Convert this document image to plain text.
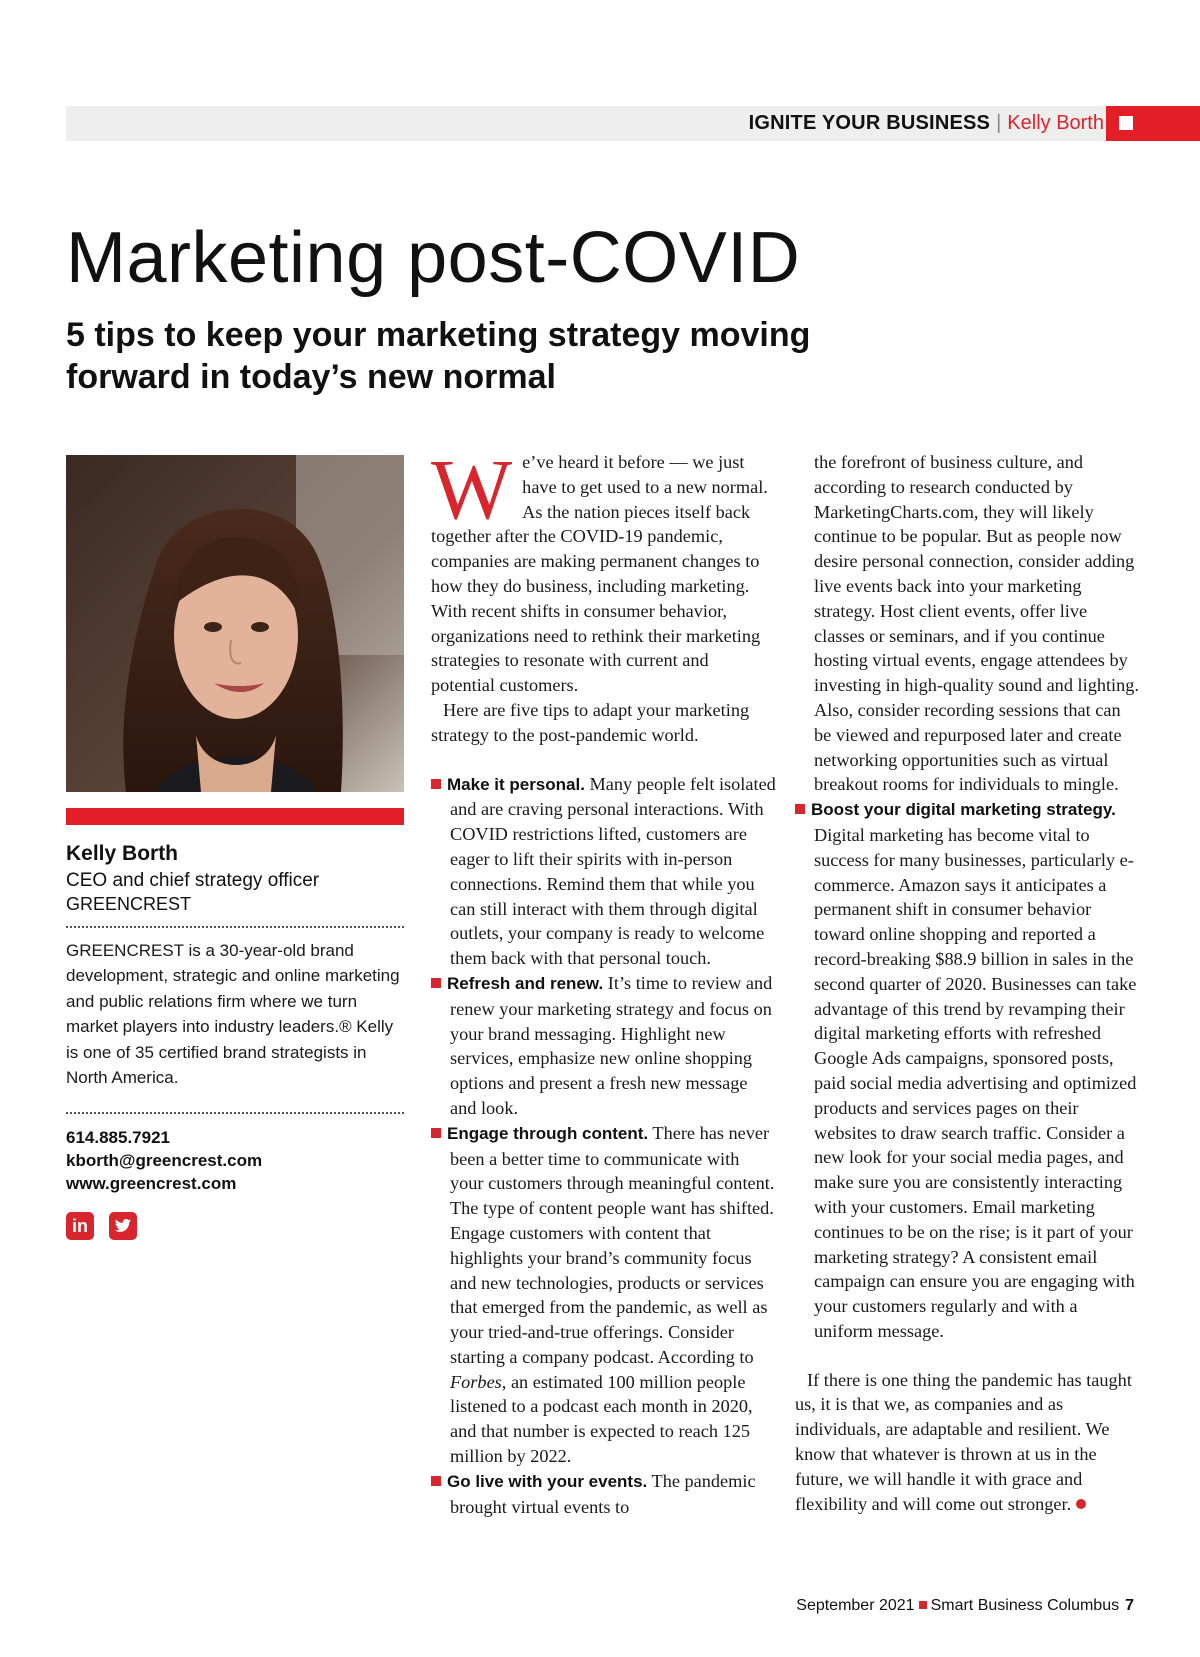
IGNITE YOUR BUSINESS | Kelly Borth
Marketing post-COVID
5 tips to keep your marketing strategy moving forward in today’s new normal
Kelly Borth
CEO and chief strategy officer
GREENCREST
GREENCREST is a 30-year-old brand development, strategic and online marketing and public relations firm where we turn market players into industry leaders.® Kelly is one of 35 certified brand strategists in North America.
614.885.7921
kborth@greencrest.com
www.greencrest.com
in

We’ve heard it before — we just have to get used to a new normal. As the nation pieces itself back together after the COVID-19 pandemic, companies are making permanent changes to how they do business, including marketing. With recent shifts in consumer behavior, organizations need to rethink their marketing strategies to resonate with current and potential customers.

Here are five tips to adapt your marketing strategy to the post-pandemic world.

Make it personal. Many people felt isolated and are craving personal interactions. With COVID restrictions lifted, customers are eager to lift their spirits with in-person connections. Remind them that while you can still interact with them through digital outlets, your company is ready to welcome them back with that personal touch.

Refresh and renew. It’s time to review and renew your marketing strategy and focus on your brand messaging. Highlight new services, emphasize new online shopping options and present a fresh new message and look.

Engage through content. There has never been a better time to communicate with your customers through meaningful content. The type of content people want has shifted. Engage customers with content that highlights your brand’s community focus and new technologies, products or services that emerged from the pandemic, as well as your tried-and-true offerings. Consider starting a company podcast. According to Forbes, an estimated 100 million people listened to a podcast each month in 2020, and that number is expected to reach 125 million by 2022.

Go live with your events. The pandemic brought virtual events to

the forefront of business culture, and according to research conducted by MarketingCharts.com, they will likely continue to be popular. But as people now desire personal connection, consider adding live events back into your marketing strategy. Host client events, offer live classes or seminars, and if you continue hosting virtual events, engage attendees by investing in high-quality sound and lighting. Also, consider recording sessions that can be viewed and repurposed later and create networking opportunities such as virtual breakout rooms for individuals to mingle.

Boost your digital marketing strategy. Digital marketing has become vital to success for many businesses, particularly e-commerce. Amazon says it anticipates a permanent shift in consumer behavior toward online shopping and reported a record-breaking $88.9 billion in sales in the second quarter of 2020. Businesses can take advantage of this trend by revamping their digital marketing efforts with refreshed Google Ads campaigns, sponsored posts, paid social media advertising and optimized products and services pages on their websites to draw search traffic. Consider a new look for your social media pages, and make sure you are consistently interacting with your customers. Email marketing continues to be on the rise; is it part of your marketing strategy? A consistent email campaign can ensure you are engaging with your customers regularly and with a uniform message.

If there is one thing the pandemic has taught us, it is that we, as companies and as individuals, are adaptable and resilient. We know that whatever is thrown at us in the future, we will handle it with grace and flexibility and will come out stronger.

September 2021 Smart Business Columbus 7
